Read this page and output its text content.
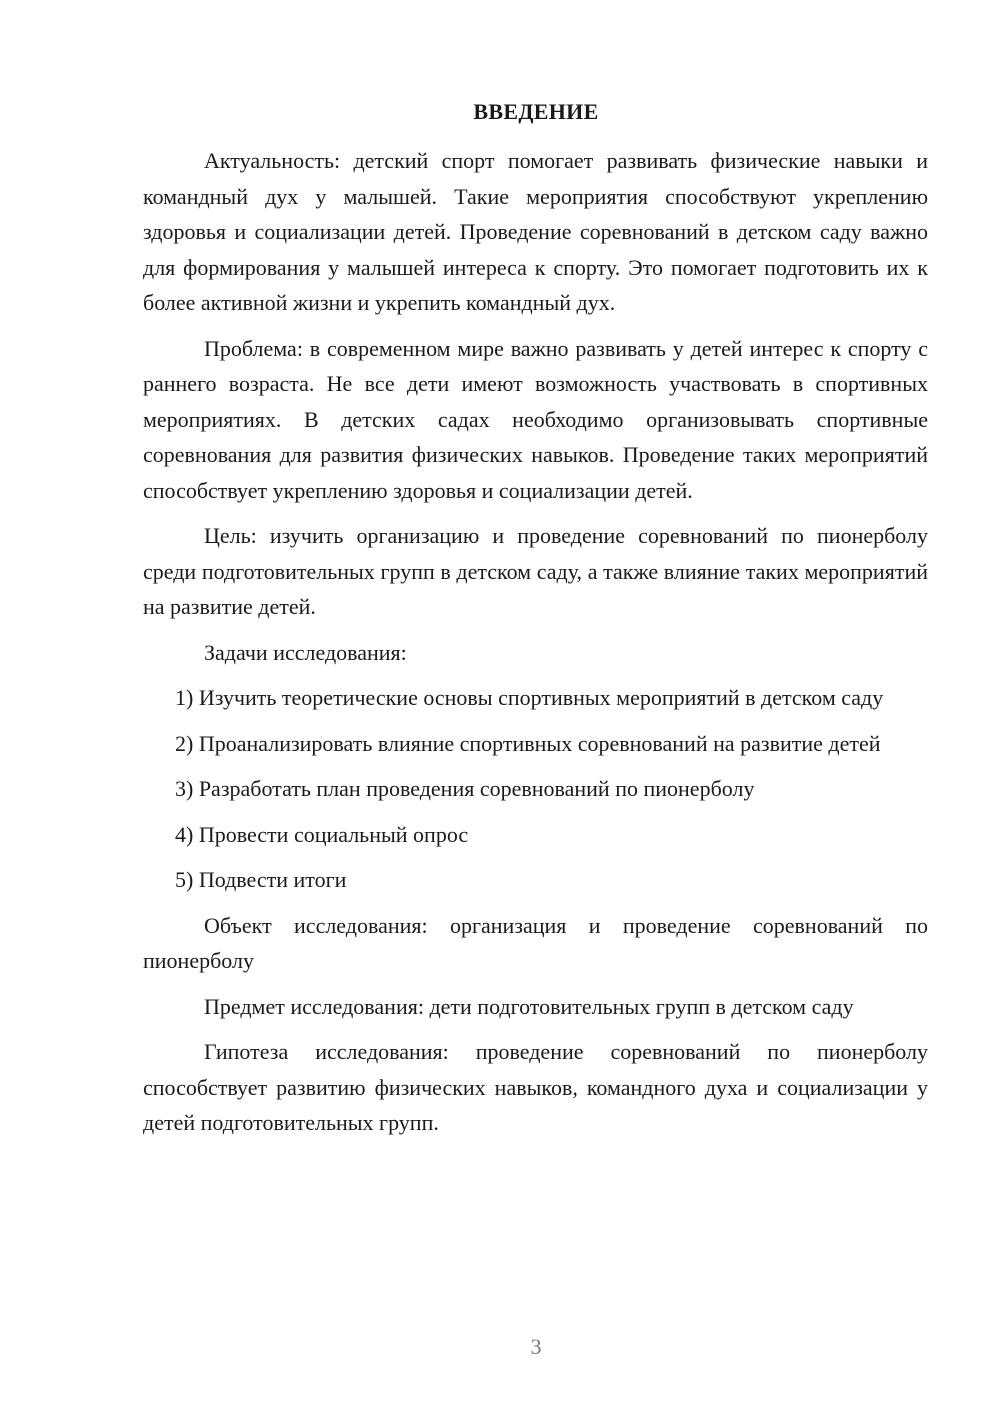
ВВЕДЕНИЕ

Актуальность: детский спорт помогает развивать физические навыки и командный дух у малышей. Такие мероприятия способствуют укреплению здоровья и социализации детей. Проведение соревнований в детском саду важно для формирования у малышей интереса к спорту. Это помогает подготовить их к более активной жизни и укрепить командный дух.

Проблема: в современном мире важно развивать у детей интерес к спорту с раннего возраста. Не все дети имеют возможность участвовать в спортивных мероприятиях. В детских садах необходимо организовывать спортивные соревнования для развития физических навыков. Проведение таких мероприятий способствует укреплению здоровья и социализации детей.

Цель: изучить организацию и проведение соревнований по пионерболу среди подготовительных групп в детском саду, а также влияние таких мероприятий на развитие детей.

Задачи исследования:

1) Изучить теоретические основы спортивных мероприятий в детском саду

2) Проанализировать влияние спортивных соревнований на развитие детей

3) Разработать план проведения соревнований по пионерболу

4) Провести социальный опрос

5) Подвести итоги

Объект исследования: организация и проведение соревнований по пионерболу

Предмет исследования: дети подготовительных групп в детском саду

Гипотеза исследования: проведение соревнований по пионерболу способствует развитию физических навыков, командного духа и социализации у детей подготовительных групп.

3
